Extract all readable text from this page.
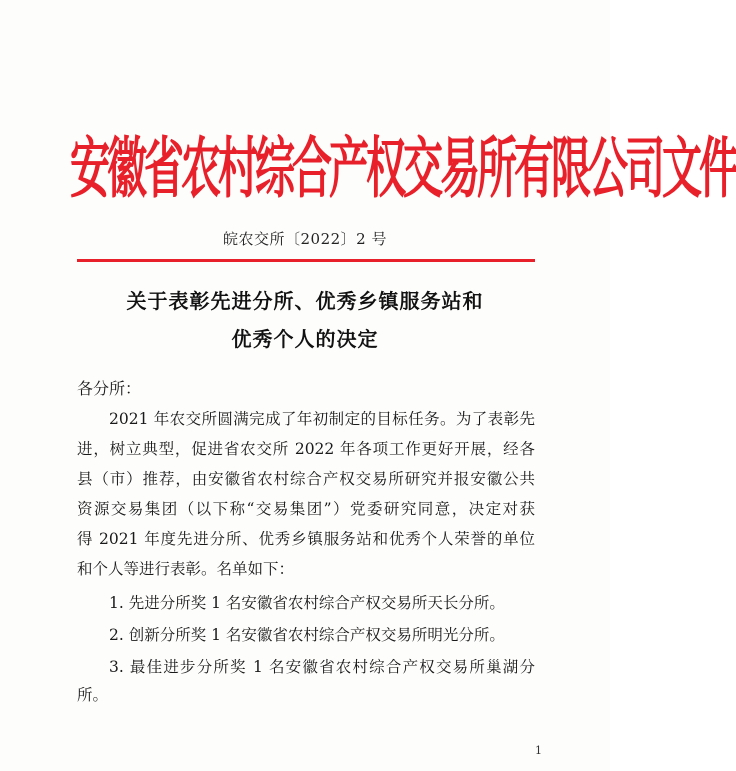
安徽省农村综合产权交易所有限公司文件
皖农交所〔2022〕2 号
关于表彰先进分所、优秀乡镇服务站和
优秀个人的决定
各分所：
2021 年农交所圆满完成了年初制定的目标任务。为了表彰先
进，树立典型，促进省农交所 2022 年各项工作更好开展，经各
县（市）推荐，由安徽省农村综合产权交易所研究并报安徽公共
资源交易集团（以下称“交易集团”）党委研究同意，决定对获
得 2021 年度先进分所、优秀乡镇服务站和优秀个人荣誉的单位
和个人等进行表彰。名单如下：
1. 先进分所奖 1 名安徽省农村综合产权交易所天长分所。
2. 创新分所奖 1 名安徽省农村综合产权交易所明光分所。
3. 最佳进步分所奖 1 名安徽省农村综合产权交易所巢湖分
所。
1
